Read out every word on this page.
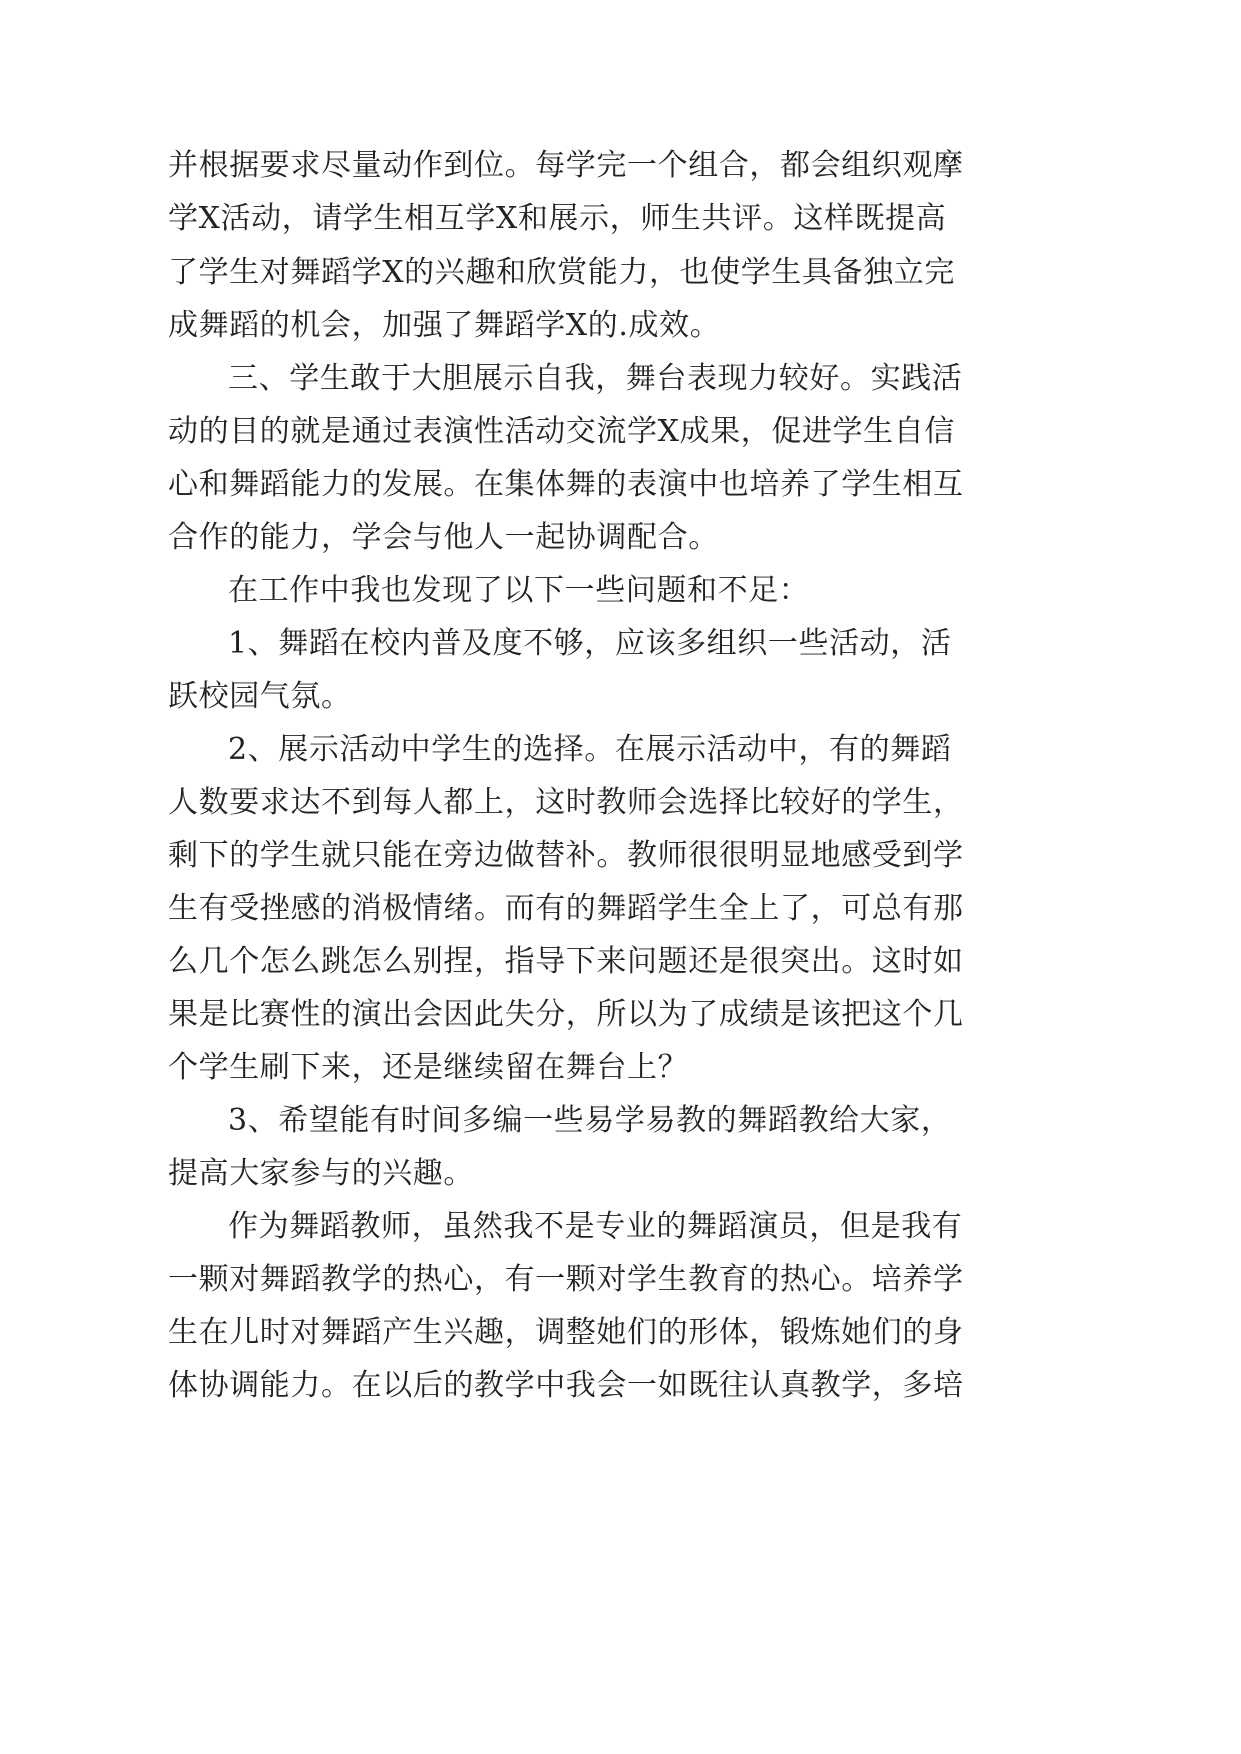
并根据要求尽量动作到位。每学完一个组合，都会组织观摩
学X活动，请学生相互学X和展示，师生共评。这样既提高
了学生对舞蹈学X的兴趣和欣赏能力，也使学生具备独立完
成舞蹈的机会，加强了舞蹈学X的.成效。
三、学生敢于大胆展示自我，舞台表现力较好。实践活
动的目的就是通过表演性活动交流学X成果，促进学生自信
心和舞蹈能力的发展。在集体舞的表演中也培养了学生相互
合作的能力，学会与他人一起协调配合。
在工作中我也发现了以下一些问题和不足：
1、舞蹈在校内普及度不够，应该多组织一些活动，活
跃校园气氛。
2、展示活动中学生的选择。在展示活动中，有的舞蹈
人数要求达不到每人都上，这时教师会选择比较好的学生，
剩下的学生就只能在旁边做替补。教师很很明显地感受到学
生有受挫感的消极情绪。而有的舞蹈学生全上了，可总有那
么几个怎么跳怎么别捏，指导下来问题还是很突出。这时如
果是比赛性的演出会因此失分，所以为了成绩是该把这个几
个学生刷下来，还是继续留在舞台上？
3、希望能有时间多编一些易学易教的舞蹈教给大家，
提高大家参与的兴趣。
作为舞蹈教师，虽然我不是专业的舞蹈演员，但是我有
一颗对舞蹈教学的热心，有一颗对学生教育的热心。培养学
生在儿时对舞蹈产生兴趣，调整她们的形体，锻炼她们的身
体协调能力。在以后的教学中我会一如既往认真教学，多培
